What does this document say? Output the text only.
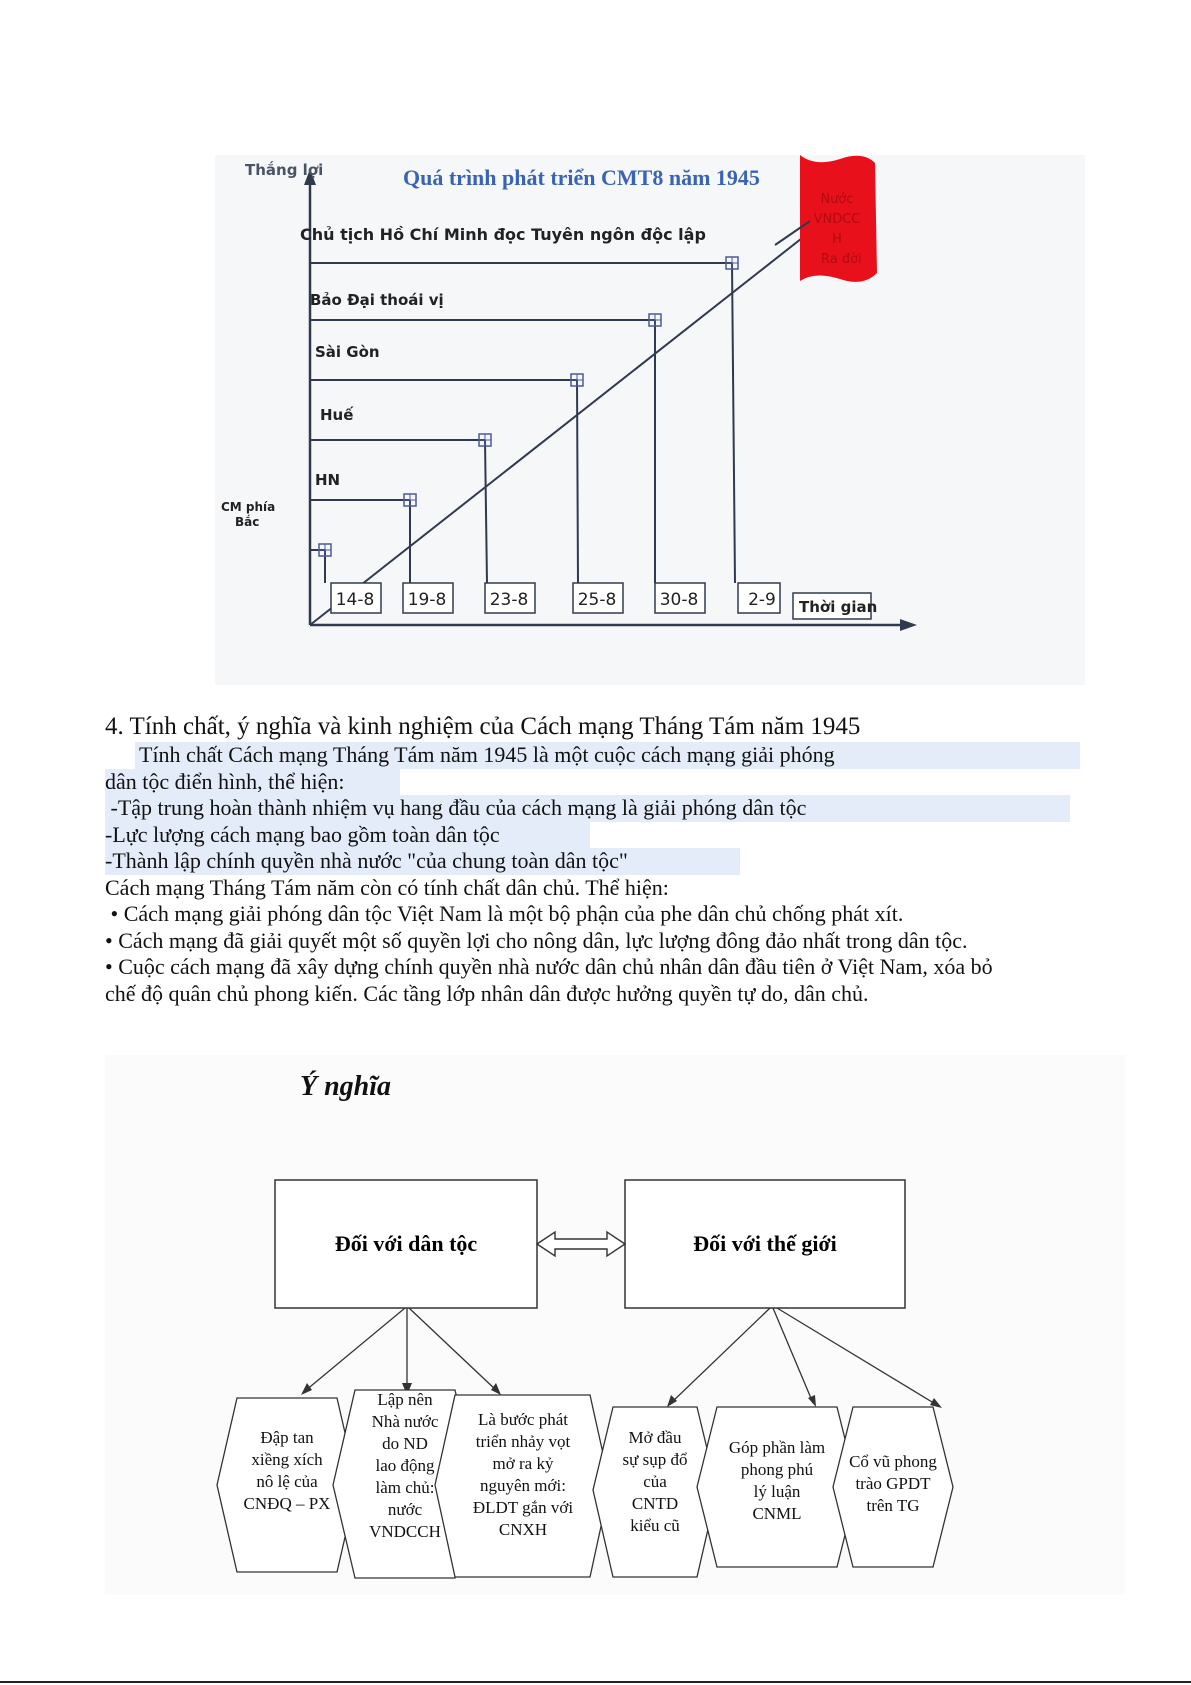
Thắng lợi	Quá trình phát triển CMT8 năm 1945
14-8 19-8	23-8	25-8	30-8	2-9
CM phía
Bắc
HN
Huế
Sài Gòn
Bảo Đại thoái vị
Chủ tịch Hồ Chí Minh đọc Tuyên ngôn độc lập
Thời gian
Nước
VNDCC
H
Ra đời
4. Tính chất, ý nghĩa và kinh nghiệm của Cách mạng Tháng Tám năm 1945
Tính chất Cách mạng Tháng Tám năm 1945 là một cuộc cách mạng giải phóng
dân tộc điển hình, thể hiện:
-Tập trung hoàn thành nhiệm vụ hang đầu của cách mạng là giải phóng dân tộc
-Lực lượng cách mạng bao gồm toàn dân tộc
-Thành lập chính quyền nhà nước "của chung toàn dân tộc"
Cách mạng Tháng Tám năm còn có tính chất dân chủ. Thể hiện:
• Cách mạng giải phóng dân tộc Việt Nam là một bộ phận của phe dân chủ chống phát xít.
• Cách mạng đã giải quyết một số quyền lợi cho nông dân, lực lượng đông đảo nhất trong dân tộc.
• Cuộc cách mạng đã xây dựng chính quyền nhà nước dân chủ nhân dân đầu tiên ở Việt Nam, xóa bỏ
chế độ quân chủ phong kiến. Các tầng lớp nhân dân được hưởng quyền tự do, dân chủ.
Ý nghĩa
Đối với dân tộc	Đối với thế giới
Đập tan
xiềng xích
nô lệ của
CNĐQ – PX
Lập nên
Nhà nước
do ND
lao động
làm chủ:
nước
VNDCCH
Là bước phát
triển nhảy vọt
mở ra kỷ
nguyên mới:
ĐLDT gắn với
CNXH
Mở đầu
sự sụp đổ
của
CNTD
kiểu cũ
Góp phần làm
phong phú
lý luận
CNML
Cổ vũ phong
trào GPDT
trên TG
